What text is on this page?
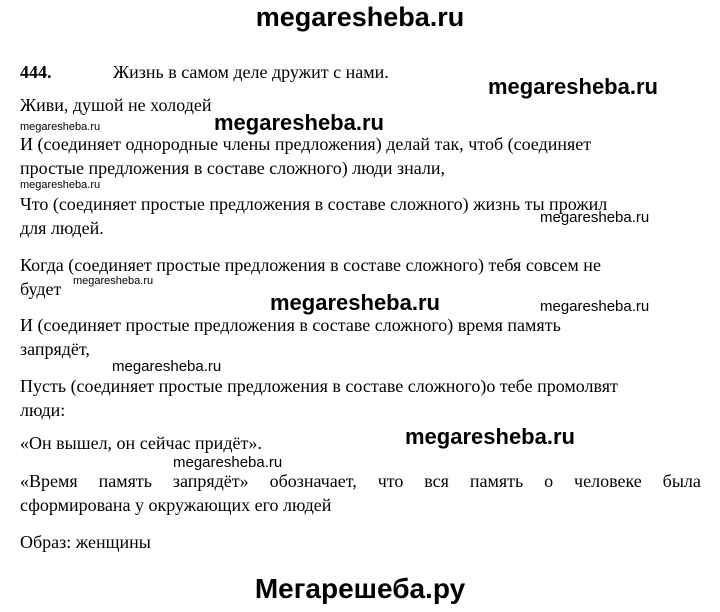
megaresheba.ru
444.	Жизнь в самом деле дружит с нами.
megaresheba.ru
Живи, душой не холодей
megaresheba.ru
megaresheba.ru
И (соединяет однородные члены предложения) делай так, чтоб (соединяет
простые предложения в составе сложного) люди знали,
megaresheba.ru
Что (соединяет простые предложения в составе сложного) жизнь ты прожил
megaresheba.ru
для людей.
Когда (соединяет простые предложения в составе сложного) тебя совсем не
будет megaresheba.ru
megaresheba.ru	megaresheba.ru
И (соединяет простые предложения в составе сложного) время память
запрядёт,
megaresheba.ru
Пусть (соединяет простые предложения в составе сложного)о тебе промолвят
люди:
megaresheba.ru
«Он вышел, он сейчас придёт».
megaresheba.ru
«Время память запрядёт» обозначает, что вся память о человеке была
сформирована у окружающих его людей
Образ: женщины
Мегарешеба.ру
